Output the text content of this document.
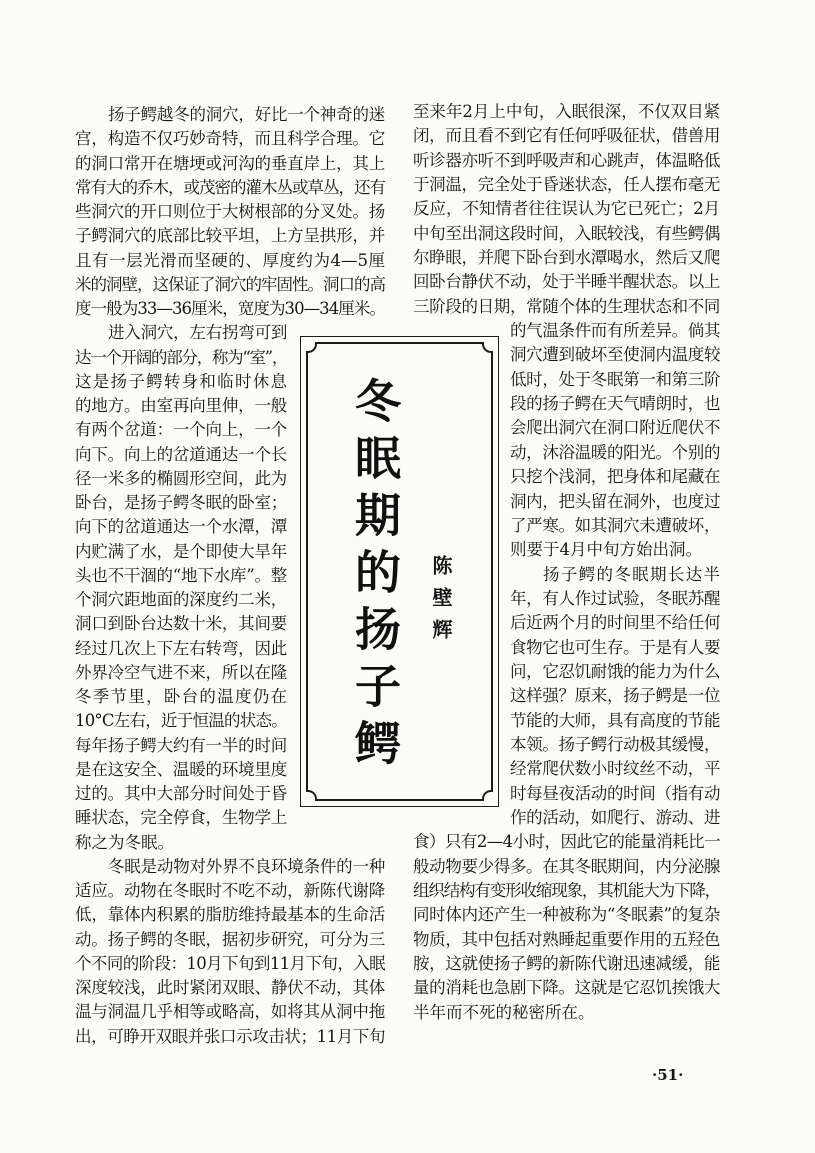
扬子鳄越冬的洞穴，好比一个神奇的迷
宫，构造不仅巧妙奇特，而且科学合理。它
的洞口常开在塘埂或河沟的垂直岸上，其上
常有大的乔木，或茂密的灌木丛或草丛，还有
些洞穴的开口则位于大树根部的分叉处。扬
子鳄洞穴的底部比较平坦，上方呈拱形，并
且有一层光滑而坚硬的、厚度约为4—5厘
米的洞壁，这保证了洞穴的牢固性。洞口的高
度一般为33—36厘米，宽度为30—34厘米。
进入洞穴，左右拐弯可到
达一个开阔的部分，称为“室”，
这是扬子鳄转身和临时休息
的地方。由室再向里伸，一般
有两个岔道：一个向上，一个
向下。向上的岔道通达一个长
径一米多的椭圆形空间，此为
卧台，是扬子鳄冬眠的卧室；
向下的岔道通达一个水潭，潭
内贮满了水，是个即使大旱年
头也不干涸的“地下水库”。整
个洞穴距地面的深度约二米，
洞口到卧台达数十米，其间要
经过几次上下左右转弯，因此
外界冷空气进不来，所以在隆
冬季节里，卧台的温度仍在
10°C左右，近于恒温的状态。
每年扬子鳄大约有一半的时间
是在这安全、温暖的环境里度
过的。其中大部分时间处于昏
睡状态，完全停食，生物学上
称之为冬眠。
冬眠是动物对外界不良环境条件的一种
适应。动物在冬眠时不吃不动，新陈代谢降
低，靠体内积累的脂肪维持最基本的生命活
动。扬子鳄的冬眠，据初步研究，可分为三
个不同的阶段：10月下旬到11月下旬，入眠
深度较浅，此时紧闭双眼、静伏不动，其体
温与洞温几乎相等或略高，如将其从洞中拖
出，可睁开双眼并张口示攻击状；11月下旬
至来年2月上中旬，入眠很深，不仅双目紧
闭，而且看不到它有任何呼吸征状，借兽用
听诊器亦听不到呼吸声和心跳声，体温略低
于洞温，完全处于昏迷状态，任人摆布毫无
反应，不知情者往往误认为它已死亡；2月
中旬至出洞这段时间，入眠较浅，有些鳄偶
尔睁眼，并爬下卧台到水潭喝水，然后又爬
回卧台静伏不动，处于半睡半醒状态。以上
三阶段的日期，常随个体的生理状态和不同
的气温条件而有所差异。倘其
洞穴遭到破坏至使洞内温度较
低时，处于冬眠第一和第三阶
段的扬子鳄在天气晴朗时，也
会爬出洞穴在洞口附近爬伏不
动，沐浴温暖的阳光。个别的
只挖个浅洞，把身体和尾藏在
洞内，把头留在洞外，也度过
了严寒。如其洞穴未遭破坏，
则要于4月中旬方始出洞。
扬子鳄的冬眠期长达半
年，有人作过试验，冬眠苏醒
后近两个月的时间里不给任何
食物它也可生存。于是有人要
问，它忍饥耐饿的能力为什么
这样强？原来，扬子鳄是一位
节能的大师，具有高度的节能
本领。扬子鳄行动极其缓慢，
经常爬伏数小时纹丝不动，平
时每昼夜活动的时间（指有动
作的活动，如爬行、游动、进
食）只有2—4小时，因此它的能量消耗比一
般动物要少得多。在其冬眠期间，内分泌腺
组织结构有变形收缩现象，其机能大为下降，
同时体内还产生一种被称为“冬眠素”的复杂
物质，其中包括对熟睡起重要作用的五羟色
胺，这就使扬子鳄的新陈代谢迅速减缓，能
量的消耗也急剧下降。这就是它忍饥挨饿大
半年而不死的秘密所在。
冬眠期的扬子鳄 陈壁辉
·51·
